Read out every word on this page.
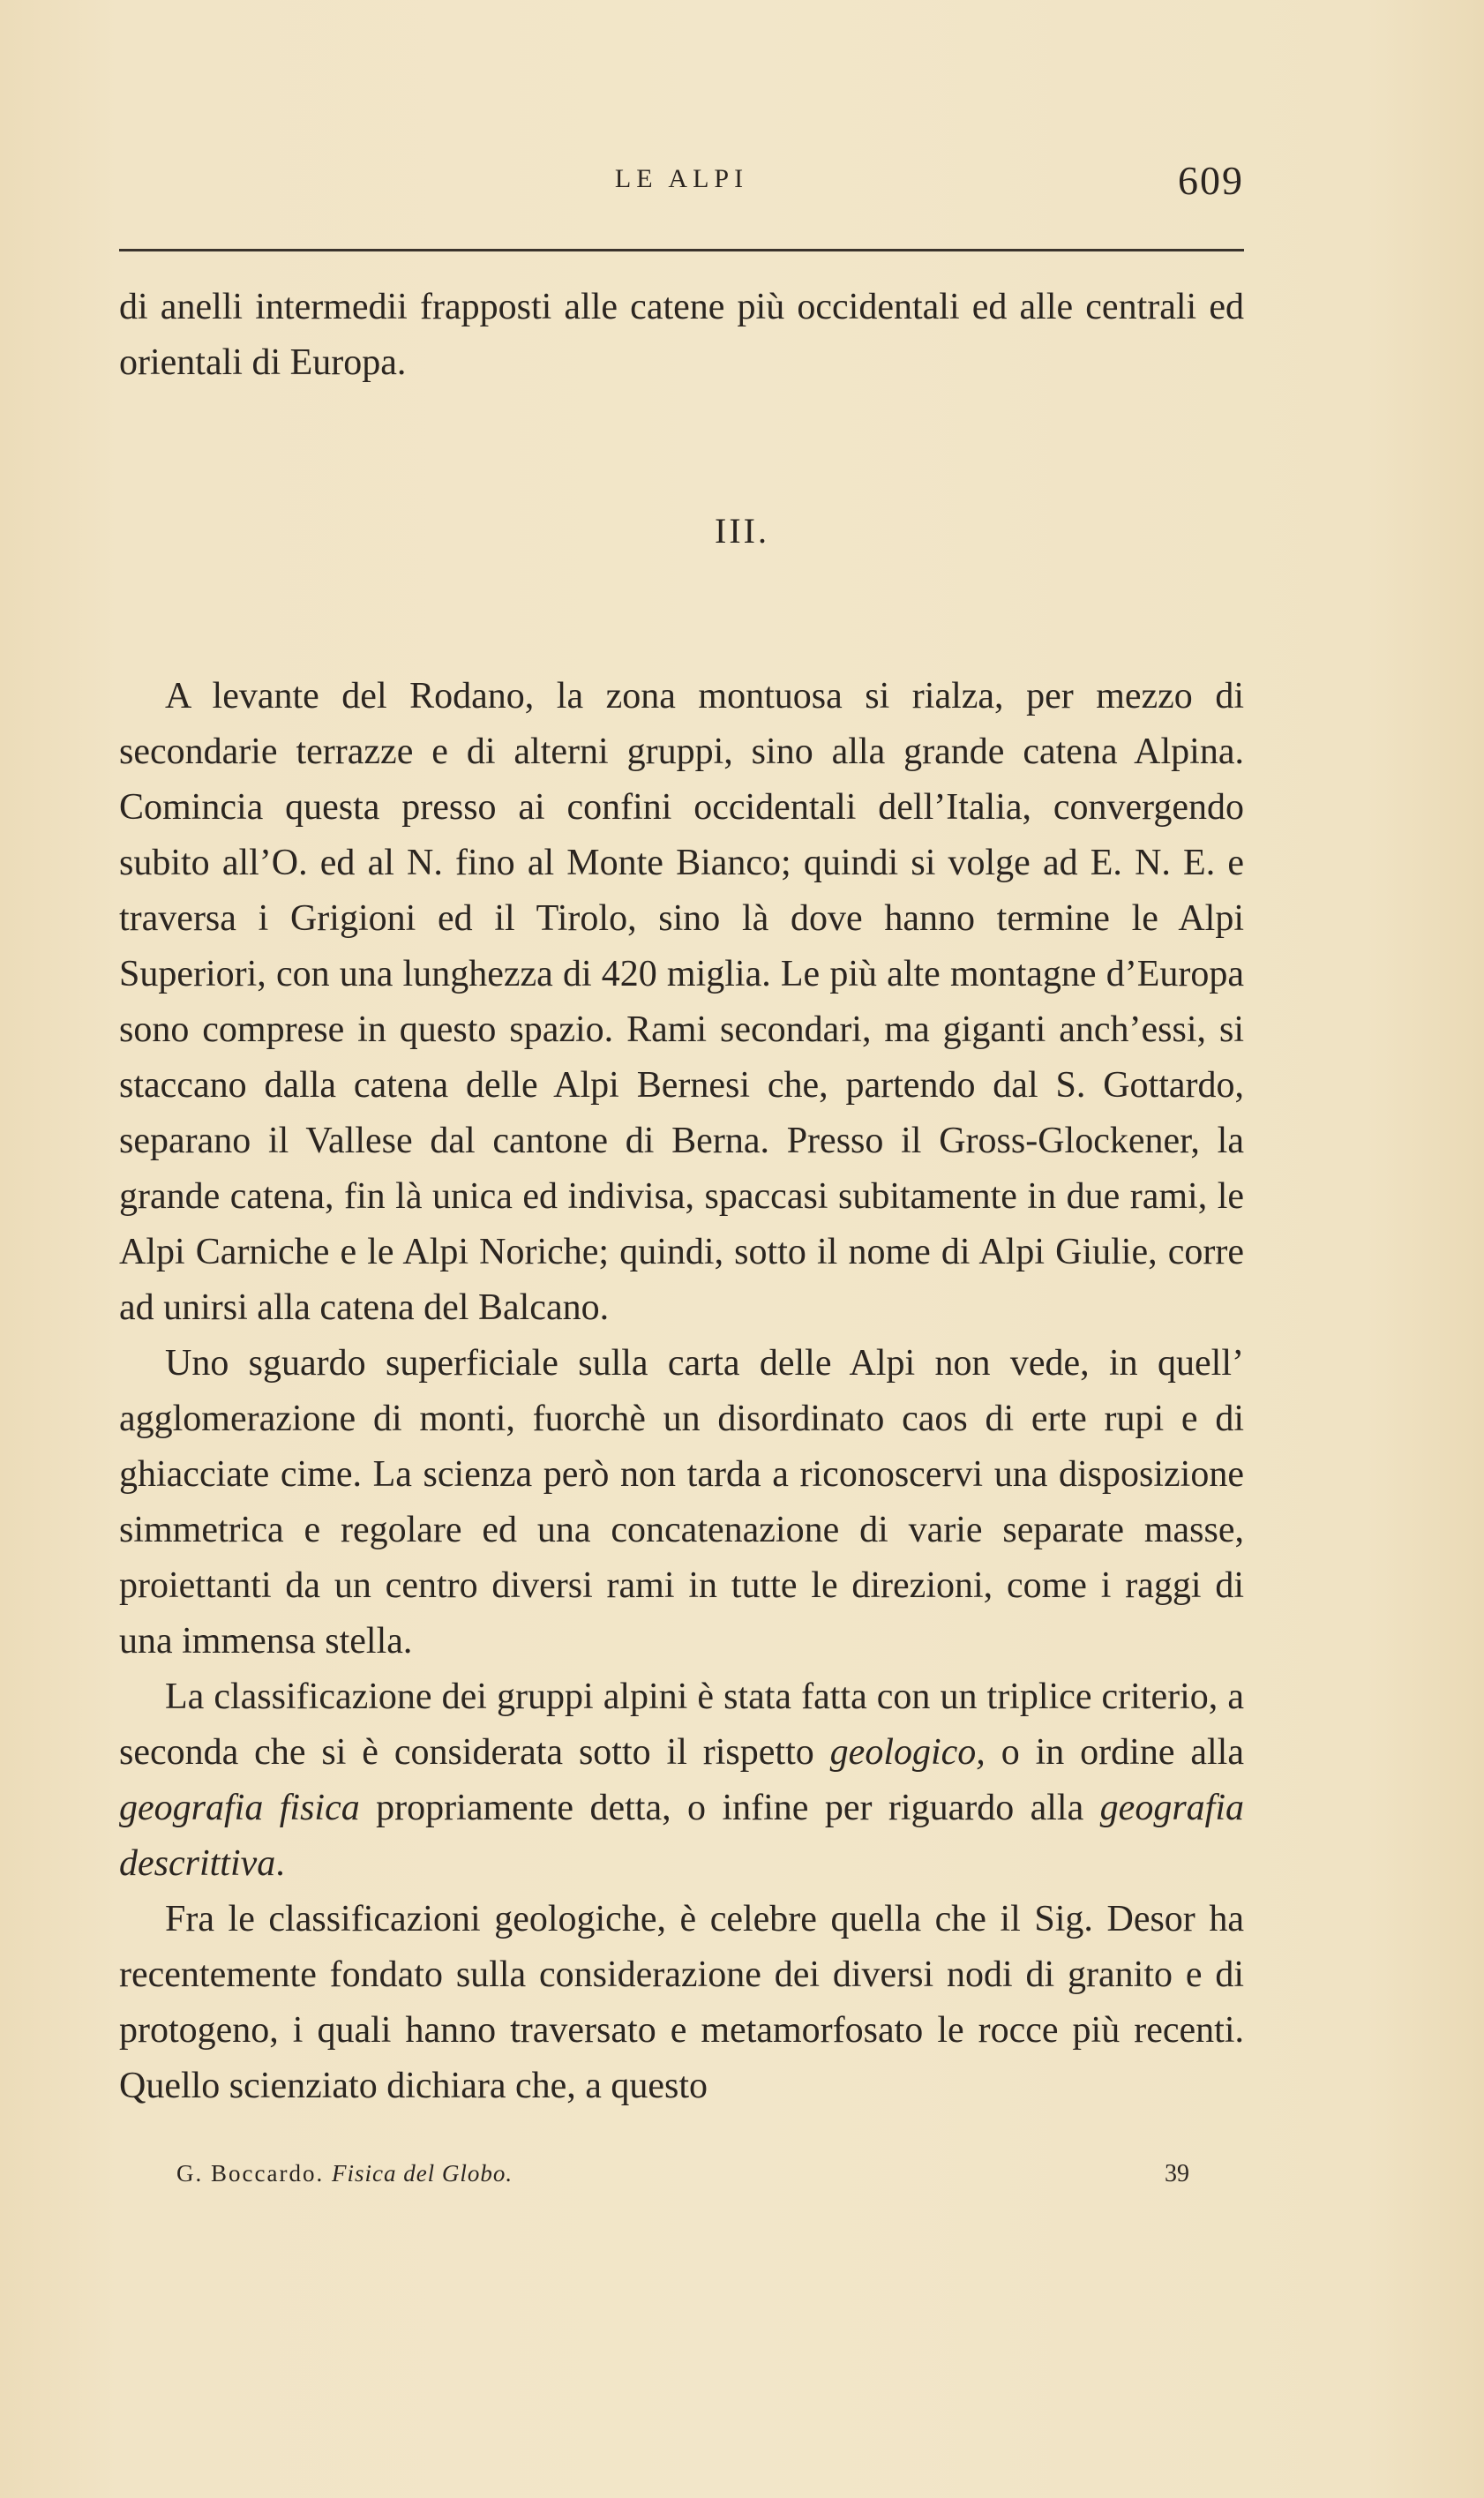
LE ALPI	609

di anelli intermedii frapposti alle catene più occidentali ed alle centrali ed orientali di Europa.

III.

A levante del Rodano, la zona montuosa si rialza, per mezzo di secondarie terrazze e di alterni gruppi, sino alla grande catena Alpina. Comincia questa presso ai confini occidentali dell’Italia, convergendo subito all’O. ed al N. fino al Monte Bianco; quindi si volge ad E. N. E. e traversa i Grigioni ed il Tirolo, sino là dove hanno termine le Alpi Superiori, con una lunghezza di 420 miglia. Le più alte montagne d’Europa sono comprese in questo spazio. Rami secondari, ma giganti anch’essi, si staccano dalla catena delle Alpi Bernesi che, partendo dal S. Gottardo, separano il Vallese dal cantone di Berna. Presso il Gross-Glockener, la grande catena, fin là unica ed indivisa, spaccasi subitamente in due rami, le Alpi Carniche e le Alpi Noriche; quindi, sotto il nome di Alpi Giulie, corre ad unirsi alla catena del Balcano.

Uno sguardo superficiale sulla carta delle Alpi non vede, in quell’ agglomerazione di monti, fuorchè un disordinato caos di erte rupi e di ghiacciate cime. La scienza però non tarda a riconoscervi una disposizione simmetrica e regolare ed una concatenazione di varie separate masse, proiettanti da un centro diversi rami in tutte le direzioni, come i raggi di una immensa stella.

La classificazione dei gruppi alpini è stata fatta con un triplice criterio, a seconda che si è considerata sotto il rispetto geologico, o in ordine alla geografia fisica propriamente detta, o infine per riguardo alla geografia descrittiva.

Fra le classificazioni geologiche, è celebre quella che il Sig. Desor ha recentemente fondato sulla considerazione dei diversi nodi di granito e di protogeno, i quali hanno traversato e metamorfosato le rocce più recenti. Quello scienziato dichiara che, a questo

G. Boccardo. Fisica del Globo.	39
